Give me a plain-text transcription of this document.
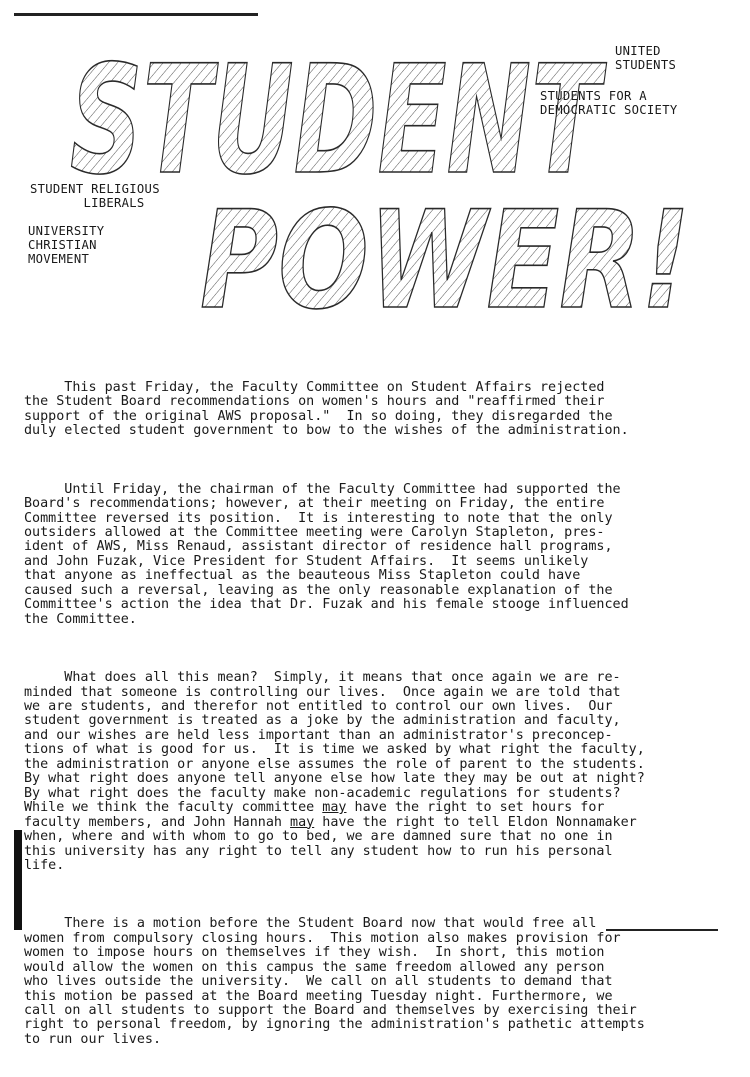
STUDENT
POWER!
UNITED
STUDENTS
STUDENTS FOR A
DEMOCRATIC SOCIETY
STUDENT RELIGIOUS
LIBERALS
UNIVERSITY
CHRISTIAN
MOVEMENT

This past Friday, the Faculty Committee on Student Affairs rejected
the Student Board recommendations on women's hours and "reaffirmed their
support of the original AWS proposal."  In so doing, they disregarded the
duly elected student government to bow to the wishes of the administration.

Until Friday, the chairman of the Faculty Committee had supported the
Board's recommendations; however, at their meeting on Friday, the entire
Committee reversed its position.  It is interesting to note that the only
outsiders allowed at the Committee meeting were Carolyn Stapleton, pres-
ident of AWS, Miss Renaud, assistant director of residence hall programs,
and John Fuzak, Vice President for Student Affairs.  It seems unlikely
that anyone as ineffectual as the beauteous Miss Stapleton could have
caused such a reversal, leaving as the only reasonable explanation of the
Committee's action the idea that Dr. Fuzak and his female stooge influenced
the Committee.

What does all this mean?  Simply, it means that once again we are re-
minded that someone is controlling our lives.  Once again we are told that
we are students, and therefor not entitled to control our own lives.  Our
student government is treated as a joke by the administration and faculty,
and our wishes are held less important than an administrator's preconcep-
tions of what is good for us.  It is time we asked by what right the faculty,
the administration or anyone else assumes the role of parent to the students.
By what right does anyone tell anyone else how late they may be out at night?
By what right does the faculty make non-academic regulations for students?
While we think the faculty committee may have the right to set hours for
faculty members, and John Hannah may have the right to tell Eldon Nonnamaker
when, where and with whom to go to bed, we are damned sure that no one in
this university has any right to tell any student how to run his personal
life.

There is a motion before the Student Board now that would free all
women from compulsory closing hours.  This motion also makes provision for
women to impose hours on themselves if they wish.  In short, this motion
would allow the women on this campus the same freedom allowed any person
who lives outside the university.  We call on all students to demand that
this motion be passed at the Board meeting Tuesday night. Furthermore, we
call on all students to support the Board and themselves by exercising their
right to personal freedom, by ignoring the administration's pathetic attempts
to run our lives.
